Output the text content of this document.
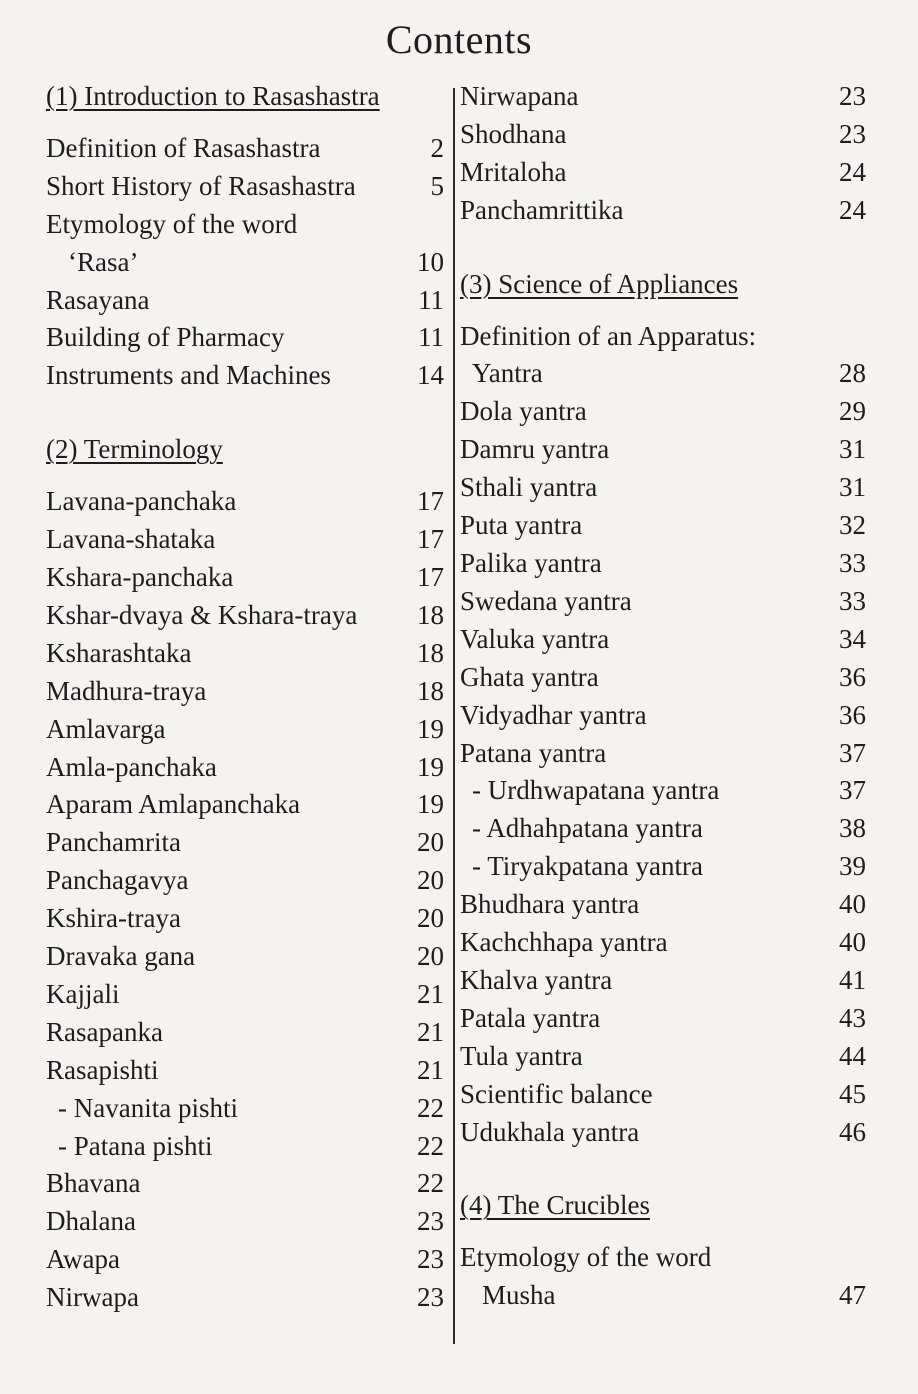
Contents
(1) Introduction to Rasashastra
Definition of Rasashastra	2
Short History of Rasashastra	5
Etymology of the word
‘Rasa’	10
Rasayana	11
Building of Pharmacy	11
Instruments and Machines	14
(2) Terminology
Lavana-panchaka	17
Lavana-shataka	17
Kshara-panchaka	17
Kshar-dvaya & Kshara-traya 18
Ksharashtaka	18
Madhura-traya	18
Amlavarga	19
Amla-panchaka	19
Aparam Amlapanchaka	19
Panchamrita	20
Panchagavya	20
Kshira-traya	20
Dravaka gana	20
Kajjali	21
Rasapanka	21
Rasapishti	21
- Navanita pishti	22
- Patana pishti	22
Bhavana	22
Dhalana	23
Awapa	23
Nirwapa	23
Nirwapana	23
Shodhana	23
Mritaloha	24
Panchamrittika	24
(3) Science of Appliances
Definition of an Apparatus:
Yantra	28
Dola yantra	29
Damru yantra	31
Sthali yantra	31
Puta yantra	32
Palika yantra	33
Swedana yantra	33
Valuka yantra	34
Ghata yantra	36
Vidyadhar yantra	36
Patana yantra	37
- Urdhwapatana yantra	37
- Adhahpatana yantra	38
- Tiryakpatana yantra	39
Bhudhara yantra	40
Kachchhapa yantra	40
Khalva yantra	41
Patala yantra	43
Tula yantra	44
Scientific balance	45
Udukhala yantra	46
(4) The Crucibles
Etymology of the word
Musha	47
